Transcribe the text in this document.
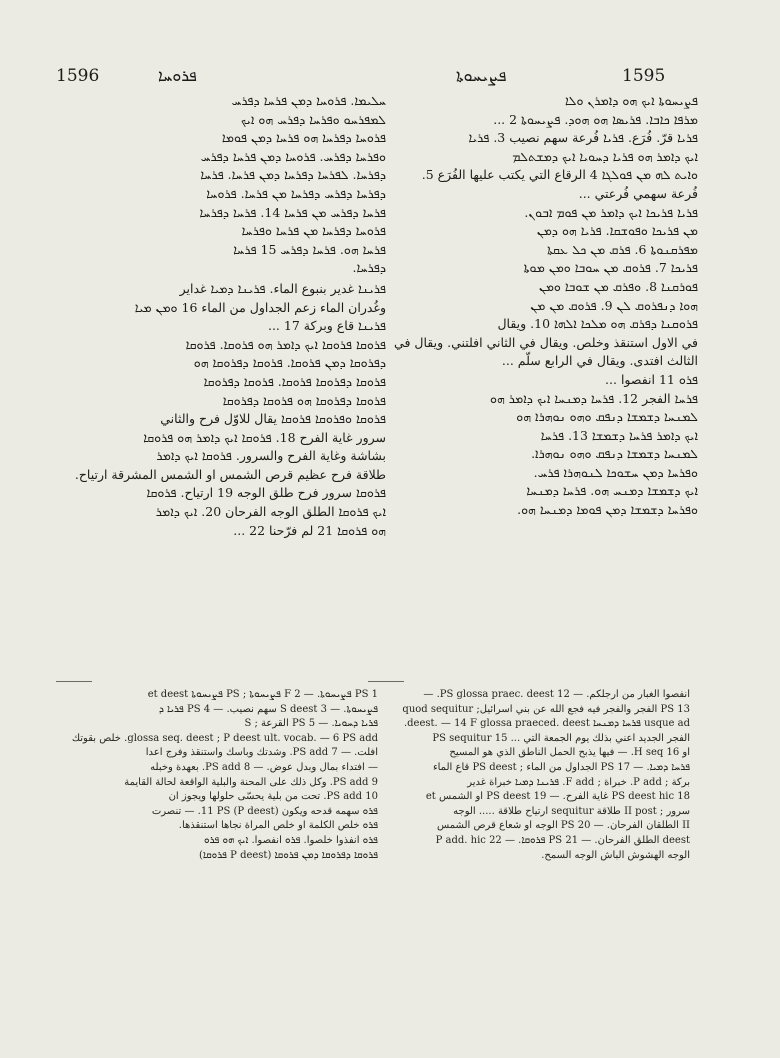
1596	ܦܪܘܚܐ	ܦܨܝܚܘܬܐ	1595

ܚܠܝܡܐ. ܦܪܘܚܐ ܕܡܢ ܦܪܚܐ ܕܦܪܚ

ܠܡܦܪܚܘ ܘܦܪܚܐ ܕܦܪܚ ܗܘ ܐܝܟ

ܦܪܘܚܐ ܕܦܪܚܐ ܗܘ ܦܪܚܐ ܕܡܢ ܦܘܡܐ

ܘܦܪܚܐ ܕܦܪܚ. ܦܪܘܚܐ ܕܡܢ ܦܪܚܐ ܕܦܪܚ

ܕܦܪܚܐ. ܠܦܪܚܐ ܕܦܪܚܐ ܕܡܢ ܦܪܚܐ. ܦܪܚܐ

ܕܦܪܚܐ ܕܦܪܚ ܕܦܪܚܐ ܡܢ ܦܪܚܐ. ܦܪܘܚܐ

ܦܪܚܐ ܕܦܪܚ ܡܢ ܦܪܚܐ 14. ܦܪܚܐ ܕܦܪܚܐ

ܦܪܘܚܐ ܕܦܪܚܐ ܡܢ ܦܪܚܐ ܘܦܪܚܐ

ܦܪܚܐ ܗܘ. ܦܪܚܐ ܕܦܪܚ 15 ܦܪܚܐ

ܕܦܪܚܐ.

ܦܪܝܢܐ غدير بنبوع الماء. ܦܪܝܢܐ ܕܡܝܐ غداير

وغُدران الماء زعم الجداول من الماء 16 ܘܡܢ ܡܝܐ

ܦܪܝܢܐ قاع وبركة 17 ...

ܦܪܘܩܐ ܦܪܘܩܐ ܐܝܟ ܕܐܡܪ ܗܘ ܦܪܘܩܐ. ܦܪܘܩܐ

ܕܦܪܘܩܐ ܕܡܢ ܦܪܘܩܐ. ܦܪܘܩܐ ܕܦܪܘܩܐ ܗܘ

ܦܪܘܩܐ ܕܦܪܘܩܐ ܦܪܘܩܐ. ܦܪܘܩܐ ܕܦܪܘܩܐ

ܦܪܘܩܐ ܕܦܪܘܩܐ ܗܘ ܦܪܘܩܐ ܕܦܪܘܩܐ

ܦܪܘܩܐ ܘܦܪܘܩܐ ܦܪܘܩܐ يقال للاوّل فرح والثاني

سرور غاية الفرح 18. ܦܪܘܩܐ ܐܝܟ ܕܐܡܪ ܗܘ ܦܪܘܩܐ

بشاشة وغاية الفرح والسرور. ܦܪܘܩܐ ܐܝܟ ܕܐܡܪ

طلاقة فرح عظيم قرص الشمس او الشمس المشرقة ارتياح.

ܦܪܘܩܐ سرور فرح طلق الوجه 19 ارتياح. ܦܪܘܩܐ

ܐܝܟ ܦܪܘܩܐ الطلق الوجه الفرحان 20. ܐܝܟ ܕܐܡܪ

ܗܘ ܦܪܘܩܐ 21 لم فرّحنا 22 ...

ܦܨܝܚܘܬܐ ܐܝܟ ܗܘ ܕܐܡܪܢ ܘܠܐ

ܡܪܦܐ ܟܐܒܐ. ܦܪܝܣܐ ܗܘ ܗܘܕ. ܦܨܝܚܘܬܐ 2 ...

ܦܪܝܐ قرّ. فُرَع. ܦܪܝܐ فُرعة سهم نصيب 3. ܦܪܝܐ

ܐܝܟ ܕܐܡܪ ܗܘ ܦܪܝܐ ܕܚܘܝܐ ܐܝܟ ܕܡܫܬܠܡ

ܘܐܝܬ ܠܗ ܡܢ ܦܘܠܓܐ 4 الرقاع التي يكتب عليها الفُرَع 5.

فُرعة سهمي فُرعتي ...

ܦܪܝܐ ܦܪܝܟܐ ܐܝܟ ܕܐܡܪ ܡܢ ܦܘܡ ܐܒܘܢ.

ܡܢ ܦܪܝܟܐ ܘܦܘܫܩܐ. ܦܪܝܐ ܗܘ ܕܡܢ

ܡܦܪܩܢܘܬܐ 6. ܦܪܩ ܡܢ ܟܠ ܥܩܬܐ

ܦܪܝܟܐ 7. ܦܪܘܩ ܡܢ ܚܘܒܐ ܘܡܢ ܡܘܬܐ

ܦܘܪܩܢܐ 8. ܘܦܪܩ ܡܢ ܫܘܒܐ ܘܡܢ

ܗܘܐ ܕܢܦܪܘܩ ܠܢ 9. ܦܪܘܩ ܡܢ ܡܢ

ܦܪܘܩܢܐ ܕܦܪܩ ܗܘ ܡܠܟܐ ܐܠܗܐ 10. ويقال

في الاول استنقذ وخلص. ويقال في الثاني افلتني. ويقال في

الثالث افتدى. ويقال في الرابع سلّم ...

ܦܪܘ 11 انفصوا ...

ܦܪܚܐ الفجر 12. ܦܪܚܐ ܕܡܢܚܐ ܐܝܟ ܕܐܡܪ ܗܘ

ܠܡܢܚܐ ܕܫܡܫܐ ܕܢܦܩ ܘܗܘ ܢܘܗܪܐ ܗܘ

ܐܝܟ ܕܐܡܪ ܦܪܚܐ ܕܫܡܫܐ 13. ܦܪܚܐ

ܠܡܢܚܐ ܕܫܡܫܐ ܕܢܦܩ ܘܗܘ ܢܘܗܪܐ.

ܘܦܪܚܐ ܕܡܢ ܚܫܘܟܐ ܠܢܘܗܪܐ ܦܪܚ.

ܐܝܟ ܕܫܡܫܐ ܕܡܢܚ ܗܘ. ܦܪܚܐ ܕܡܢܚܐ

ܘܦܪܚܐ ܕܫܡܫܐ ܕܡܢ ܦܘܡܐ ܕܡܢܚܐ ܗܘ.

1 PS ܦܨܝܚܘܬܐ. — 2 F ܦܨܝܚܘܬܐ ; PS ܦܨܝܚܘܬܐ et deest

ܦܨܝܚܘܬܐ. — 3 S deest سهم نصيب. — 4 PS ܦܪܝܐ ܕ

ܦܪܝܐ ܕܚܘܝܐ. — 5 PS القرعة ; S

glossa seq. deest ; P deest ult. vocab. — 6 PS add. خلص بقوتك

افلت. — 7 PS add. وشدتك وباسك واستنقذ وفرج اعدا

— افتداء بمال وبدل عوض. — 8 PS add. بعهدة وخبله

9 PS add. وكل ذلك على المحنة والبلية الواقعة لحالة القايمة

10 PS add. تحت من بلية يحسّى حلولها ويجوز ان

ܦܪܘ سهمه قدحه ويكون (P deest) 11 PS. — تنصرت

ܦܪܘ خلص الكلمة او خلص المراة نجاها استنقذها.

ܦܪܘ انفذوا خلصوا. ܦܪܘ انفصوا. ܐܝܟ ܗܘ ܦܪܘ

ܦܪܘܩܐ ܕܦܪܘܩܐ ܕܡܢ ܦܪܘܩܐ (P deest ܦܪܘܩܐ)

انفصوا الغبار من ارجلكم. — 12 PS glossa praec. deest. —

13 PS الفجر والفجر فيه فجع الله عن بني اسرائيل; quod sequitur

usque ad ܦܪܚܐ ܕܡܢܚܐ deest. — 14 F glossa praeced. deest.

الفجر الجديد اعني بذلك يوم الجمعة التي ... 15 PS sequitur

او 16 H seq. — فيها يذبح الحمل الناطق الذي هو المسيح

ܦܪܚܐ ܕܡܝܐ. — 17 PS الجداول من الماء ; PS deest قاع الماء

بركة ; P add. خبراة ; F add. ܦܪܝܢܐ ܕܡܝܐ خبراة غدير

18 PS deest hic غاية الفرح. — 19 PS deest او الشمس et

سرور ; II post طلاقة sequitur ارتياح طلاقة ..... الوجه

II الطلقان الفرحان. — 20 PS الوجه او شعاع قرص الشمس

deest الطلق الفرحان. — 21 PS ܦܪܘܩܐ. — 22 P add. hic

الوجه الهشوش الباش الوجه السمح.
